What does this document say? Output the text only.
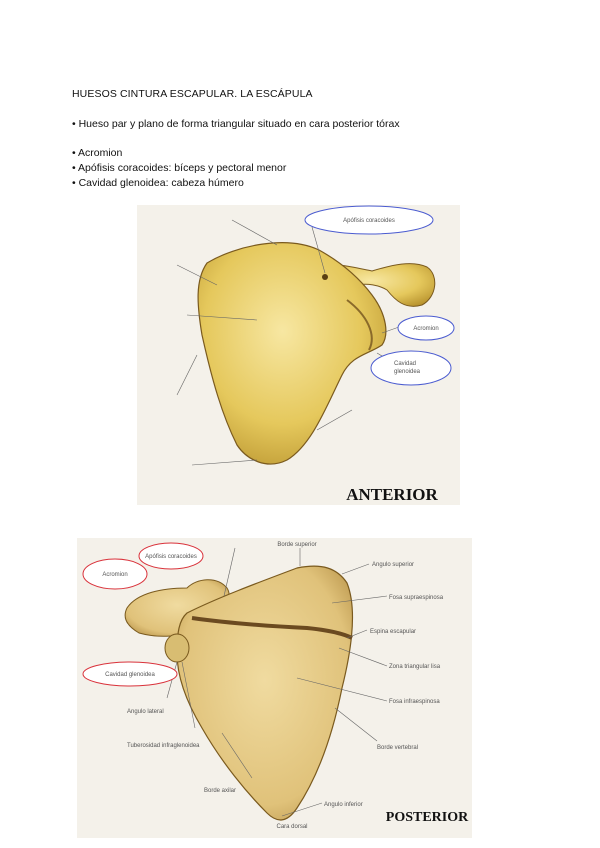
HUESOS CINTURA ESCAPULAR. LA ESCÁPULA
• Hueso par y plano de forma triangular situado en cara posterior tórax
• Acromion
• Apófisis coracoides: bíceps y pectoral menor
• Cavidad glenoidea: cabeza húmero
Apófisis coracoides
Acromion
Cavidad
glenoidea
ANTERIOR
Apófisis coracoides
Acromion
Cavidad glenoidea
Borde superior
Angulo superior
Fosa supraespinosa
Espina escapular
Zona triangular lisa
Fosa infraespinosa
Borde vertebral
Angulo lateral
Tuberosidad infraglenoidea
Borde axilar
Angulo inferior
Cara dorsal
POSTERIOR
